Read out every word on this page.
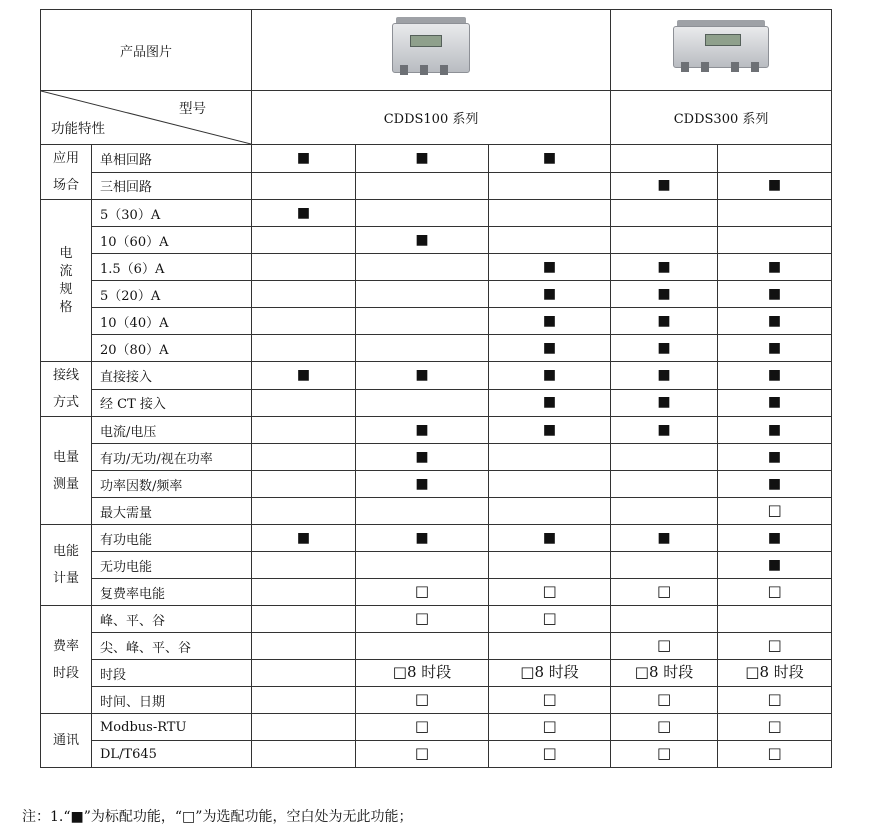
产品图片					

型号
功能特性		CDDS100 系列			CDDS300 系列	

应用
场合	单相回路	■	■	■		
	三相回路				■	■

电
流
规
格	5（30）A	■				
	10（60）A		■			
	1.5（6）A			■	■	■
	5（20）A			■	■	■
	10（40）A			■	■	■
	20（80）A			■	■	■

接线
方式	直接接入	■	■	■	■	■
	经 CT 接入			■	■	■

电量
测量	电流/电压		■	■	■	■
	有功/无功/视在功率		■			■
	功率因数/频率		■			■
	最大需量					□

电能
计量	有功电能	■	■	■	■	■
	无功电能					■
	复费率电能		□	□	□	□

费率
时段	峰、平、谷		□	□		
	尖、峰、平、谷				□	□
	时段		□8 时段	□8 时段	□8 时段	□8 时段
	时间、日期		□	□	□	□

通讯	Modbus-RTU		□	□	□	□
	DL/T645		□	□	□	□
注：1.“■”为标配功能，“□”为选配功能，空白处为无此功能；
